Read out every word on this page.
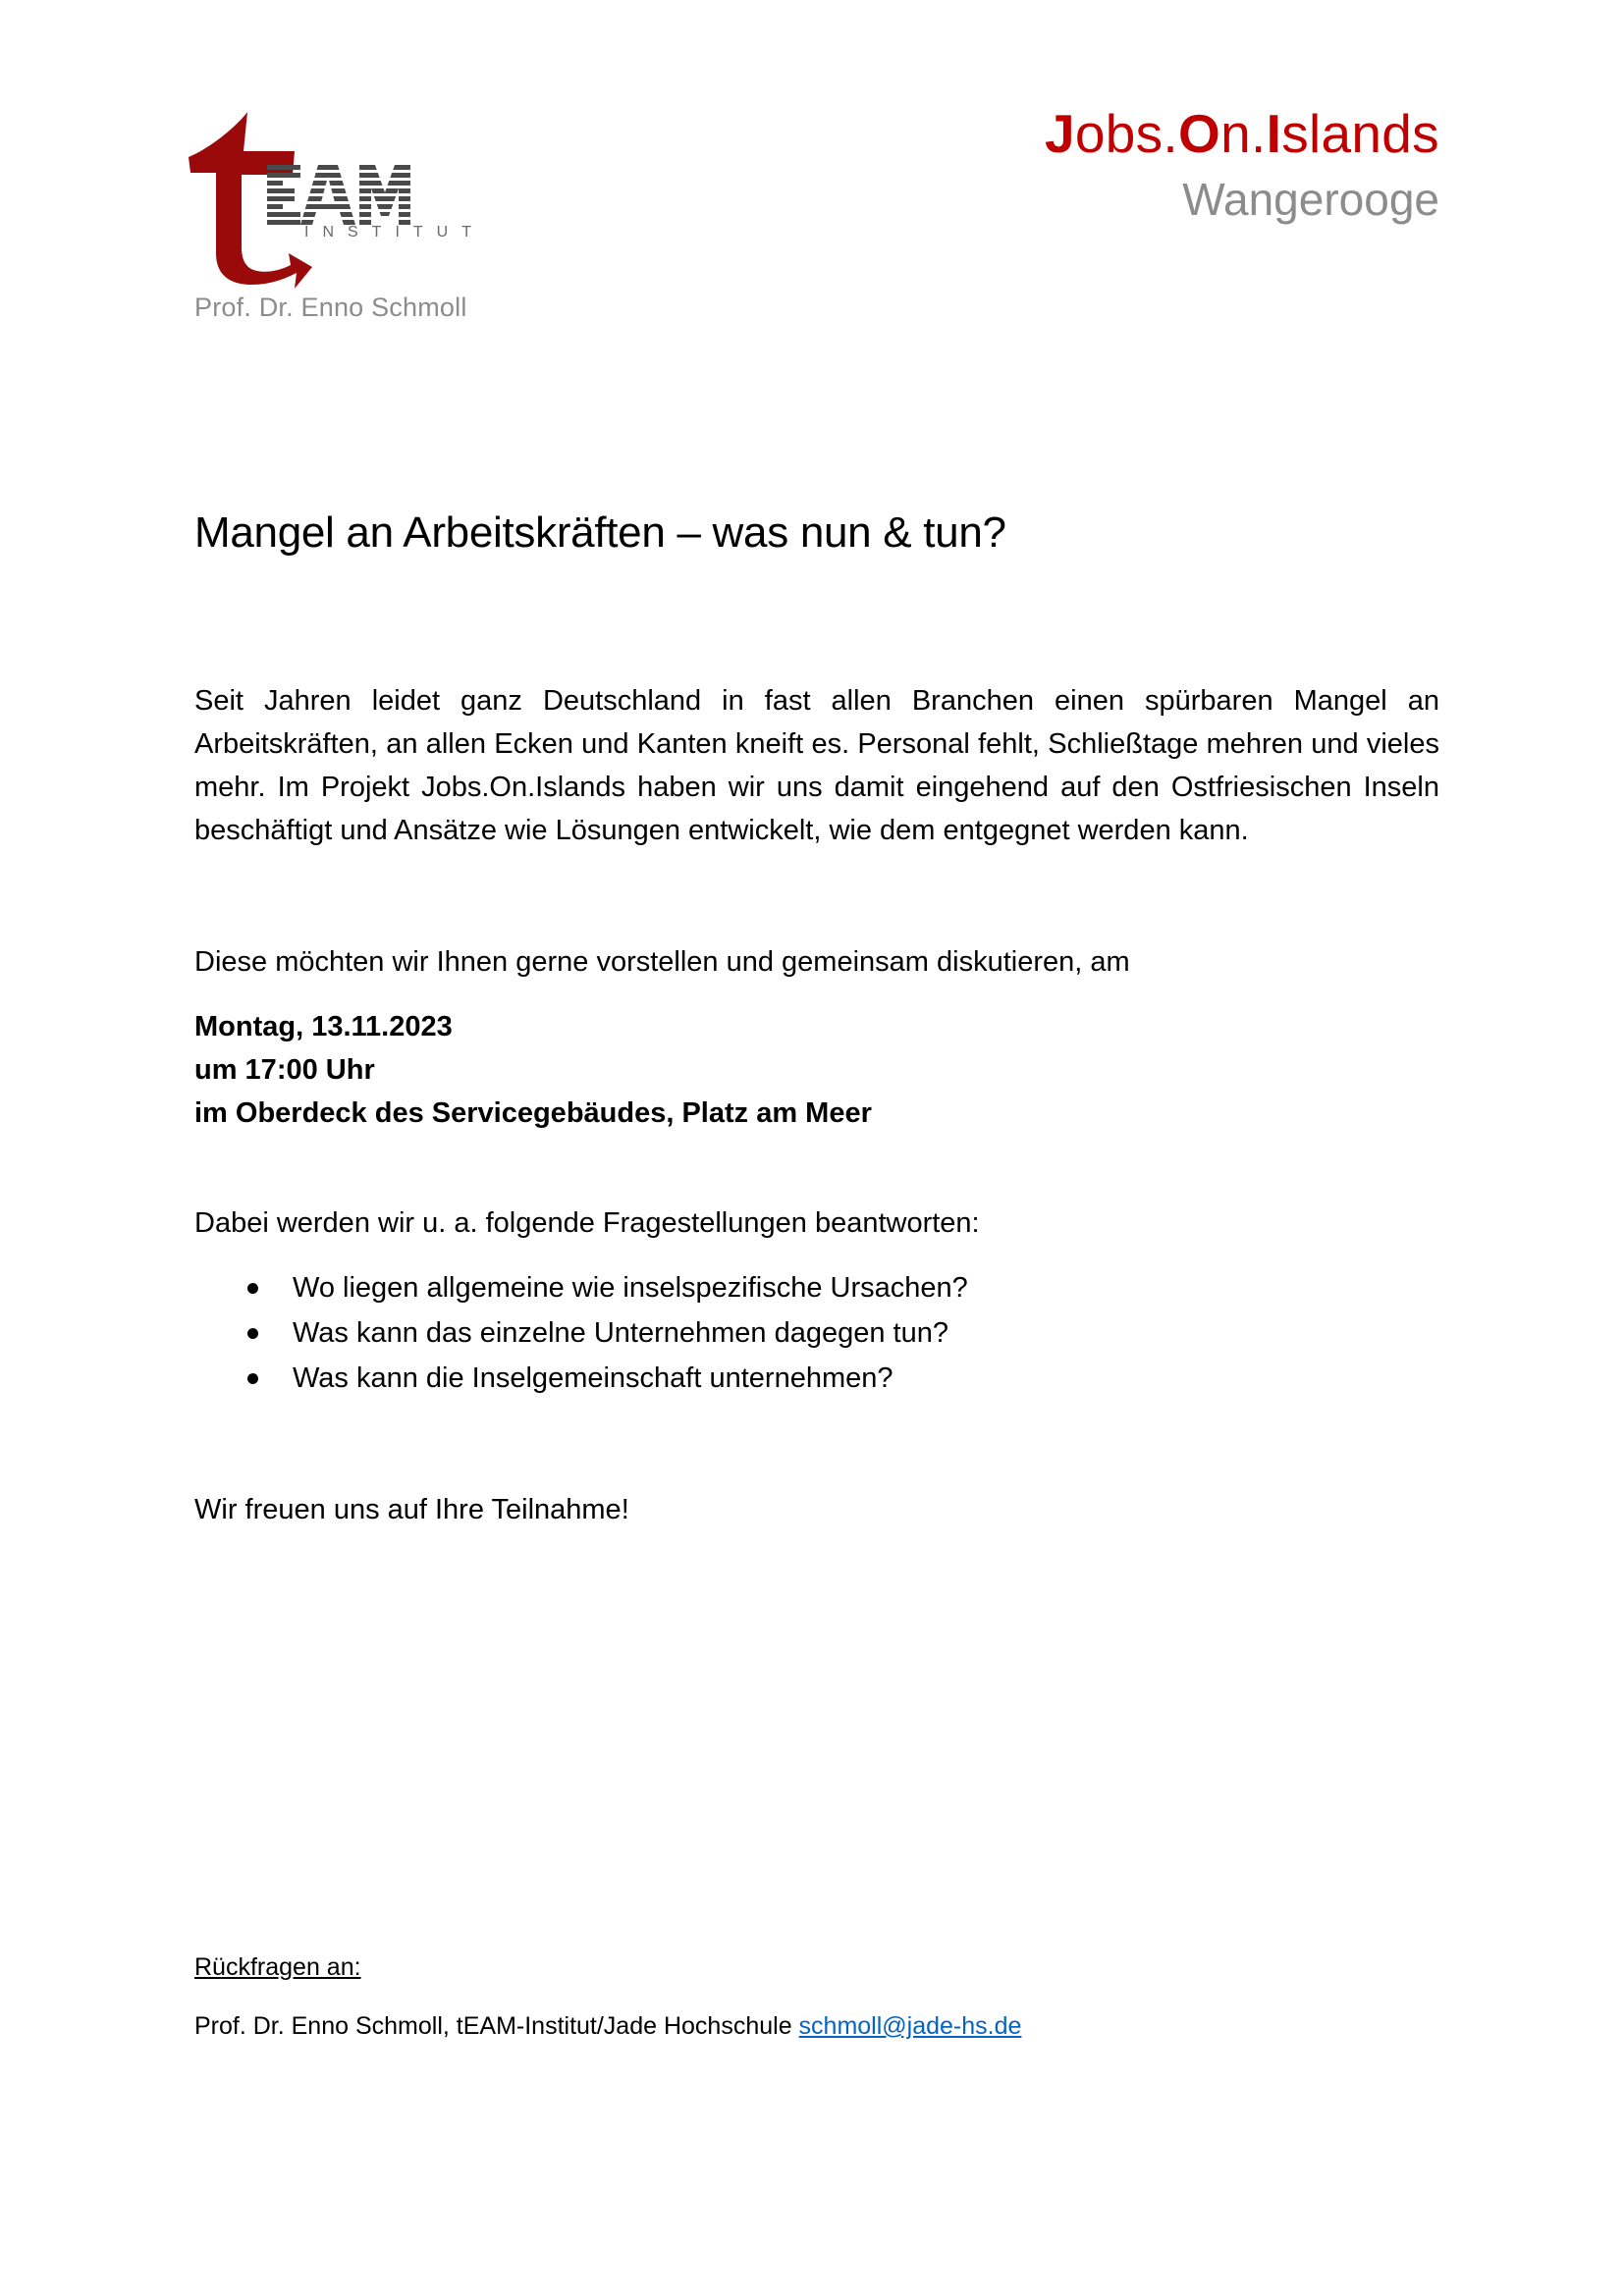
INSTITUT
Prof. Dr. Enno Schmoll
Jobs.On.Islands
Wangerooge
Mangel an Arbeitskräften – was nun & tun?
Seit Jahren leidet ganz Deutschland in fast allen Branchen einen spürbaren Mangel an Arbeitskräften, an allen Ecken und Kanten kneift es. Personal fehlt, Schließtage mehren und vieles mehr. Im Projekt Jobs.On.Islands haben wir uns damit eingehend auf den Ostfriesischen Inseln beschäftigt und Ansätze wie Lösungen entwickelt, wie dem entgegnet werden kann.
Diese möchten wir Ihnen gerne vorstellen und gemeinsam diskutieren, am
Montag, 13.11.2023
um 17:00 Uhr
im Oberdeck des Servicegebäudes, Platz am Meer
Dabei werden wir u. a. folgende Fragestellungen beantworten:
Wo liegen allgemeine wie inselspezifische Ursachen?
Was kann das einzelne Unternehmen dagegen tun?
Was kann die Inselgemeinschaft unternehmen?
Wir freuen uns auf Ihre Teilnahme!
Rückfragen an:
Prof. Dr. Enno Schmoll, tEAM-Institut/Jade Hochschule schmoll@jade-hs.de
